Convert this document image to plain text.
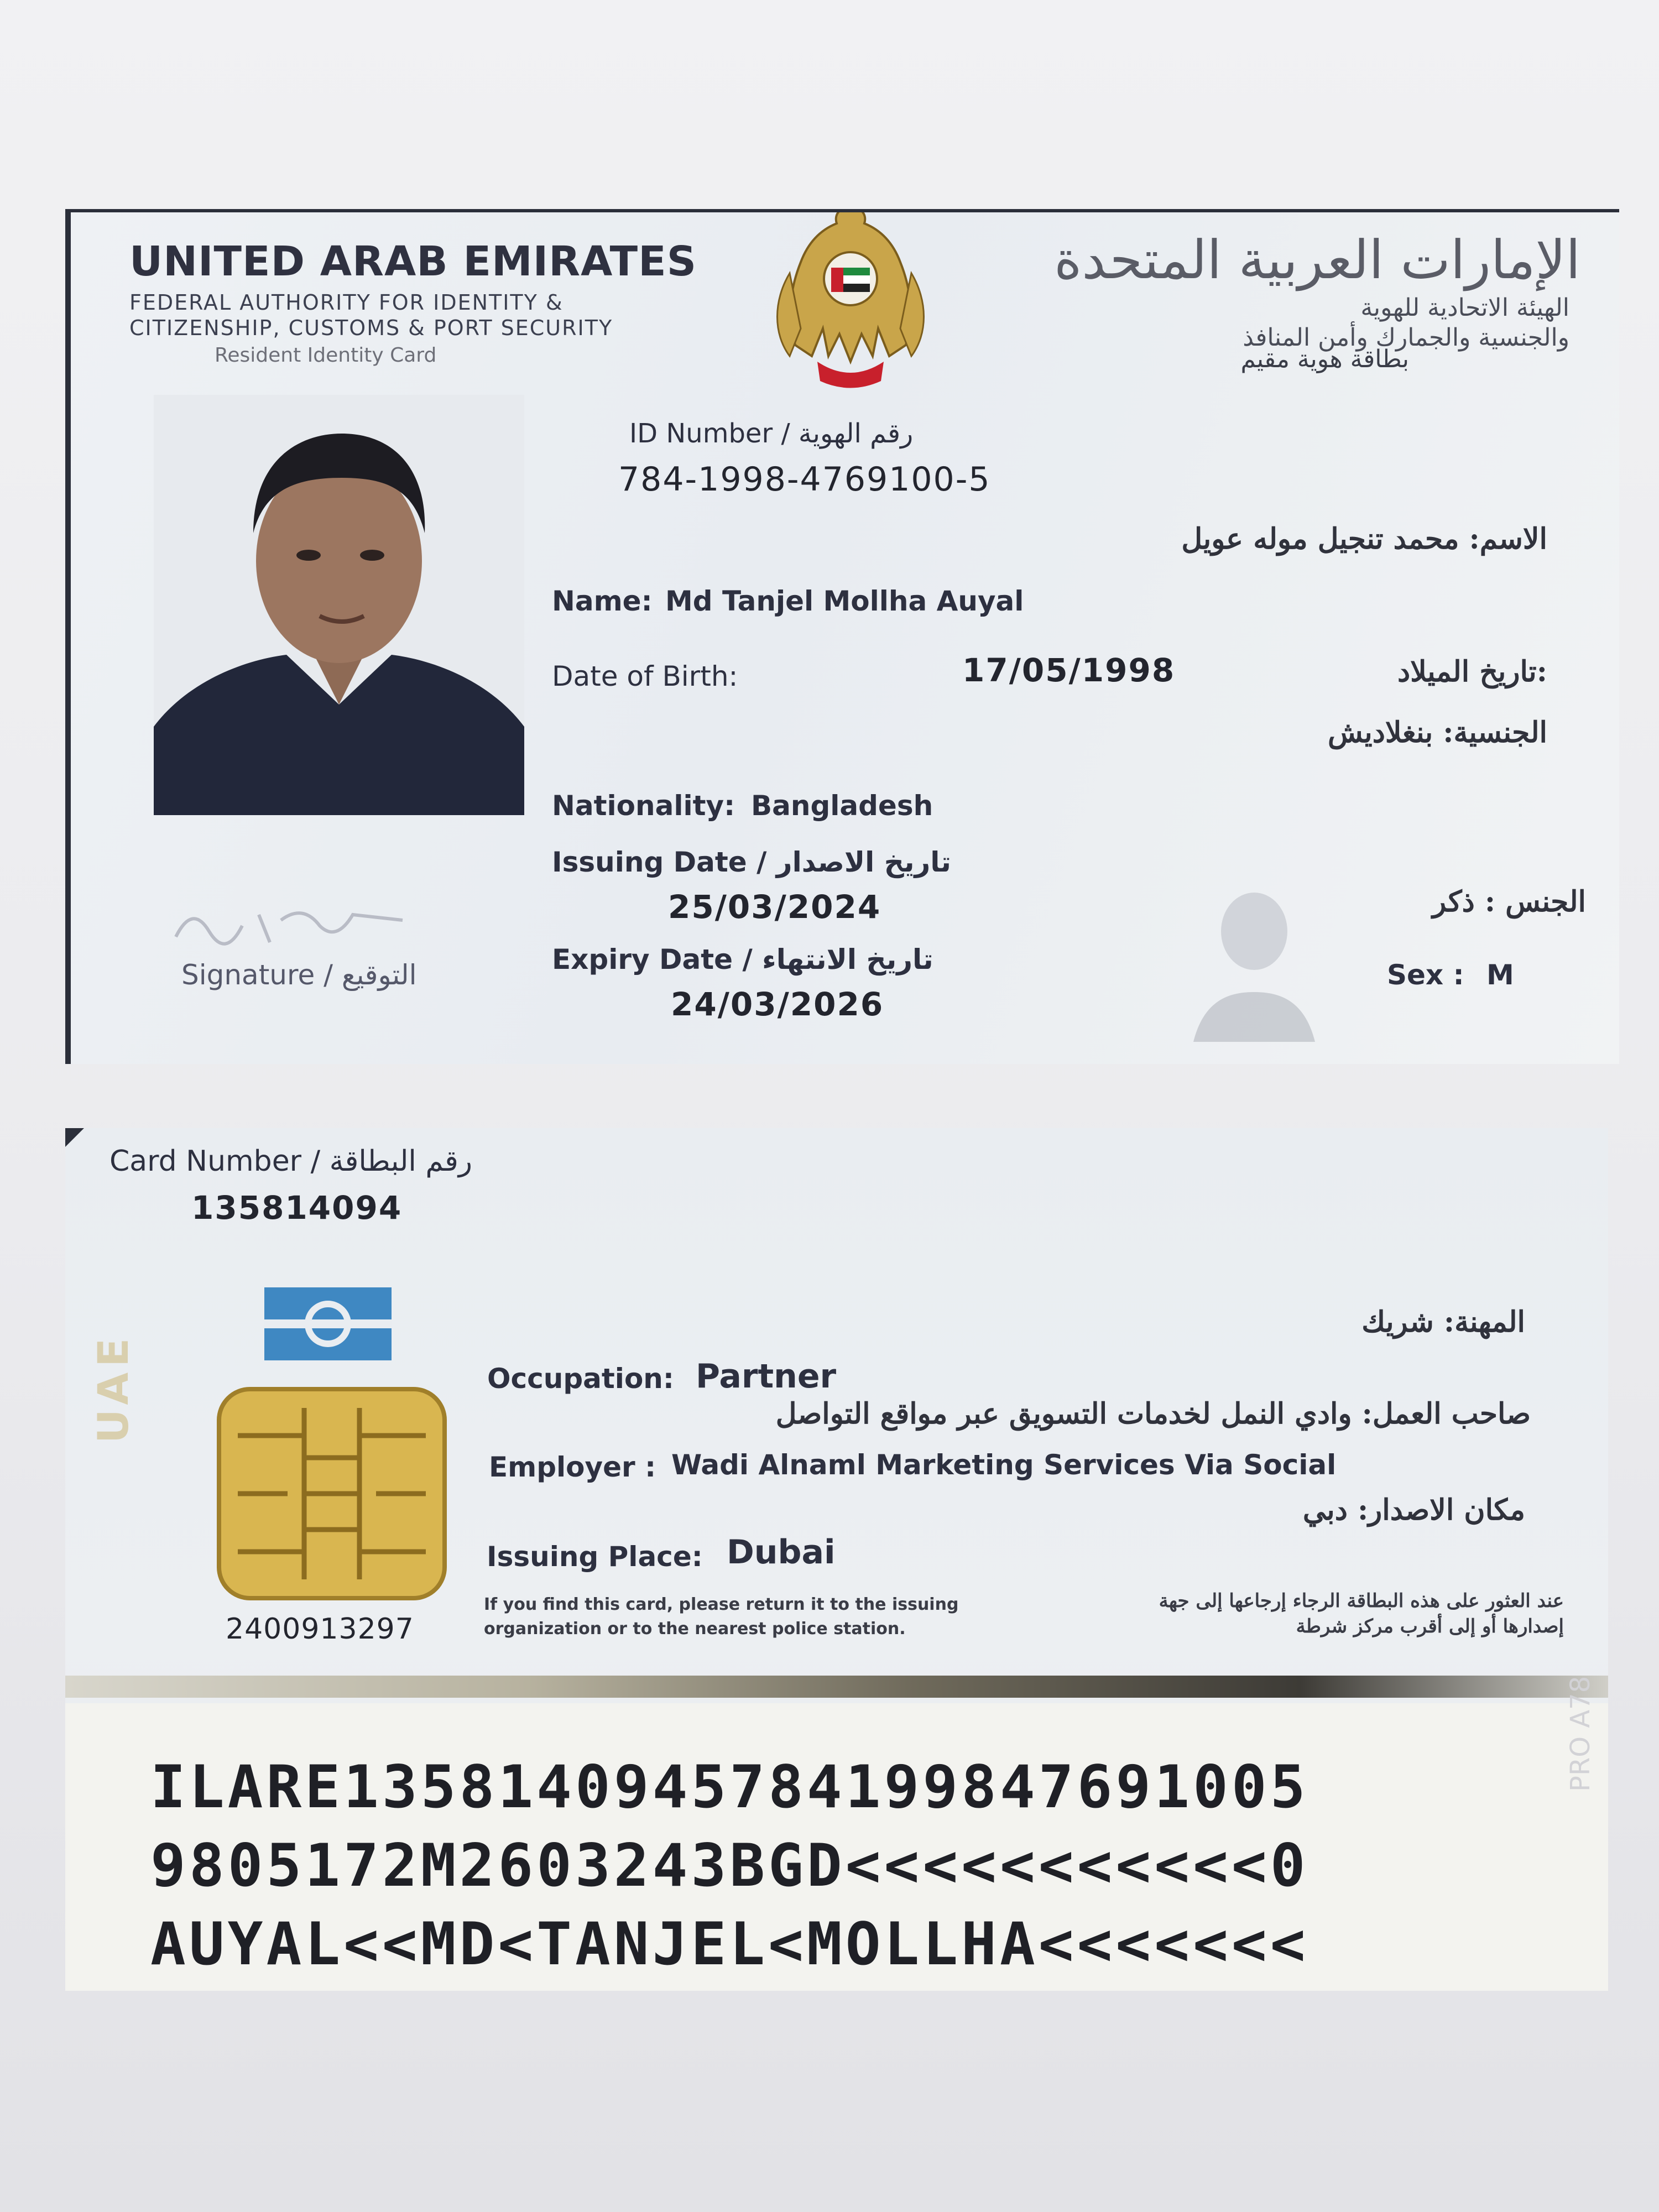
UNITED ARAB EMIRATES
FEDERAL AUTHORITY FOR IDENTITY &
CITIZENSHIP, CUSTOMS & PORT SECURITY
Resident Identity Card
الإمارات العربية المتحدة
الهيئة الاتحادية للهوية
والجنسية والجمارك وأمن المنافذ
بطاقة هوية مقيم
ID Number / رقم الهوية
784-1998-4769100-5
الاسم: محمد تنجيل موله عويل
Name: Md Tanjel Mollha Auyal
Date of Birth:	17/05/1998	تاريخ الميلاد:
الجنسية: بنغلاديش
Nationality: Bangladesh
Issuing Date / تاريخ الاصدار
25/03/2024
Expiry Date / تاريخ الانتهاء
24/03/2026
Signature / التوقيع
الجنس : ذكر
Sex : M
Card Number / رقم البطاقة
135814094
UAE
2400913297
المهنة: شريك
Occupation: Partner
صاحب العمل: وادي النمل لخدمات التسويق عبر مواقع التواصل
Employer : Wadi Alnaml Marketing Services Via Social
مكان الاصدار: دبي
Issuing Place: Dubai
If you find this card, please return it to the issuing
organization or to the nearest police station.
عند العثور على هذه البطاقة الرجاء إرجاعها إلى جهة
إصدارها أو إلى أقرب مركز شرطة
ILARE1358140945784199847691005
9805172M2603243BGD<<<<<<<<<<<0
AUYAL<<MD<TANJEL<MOLLHA<<<<<<<
PRO A78
